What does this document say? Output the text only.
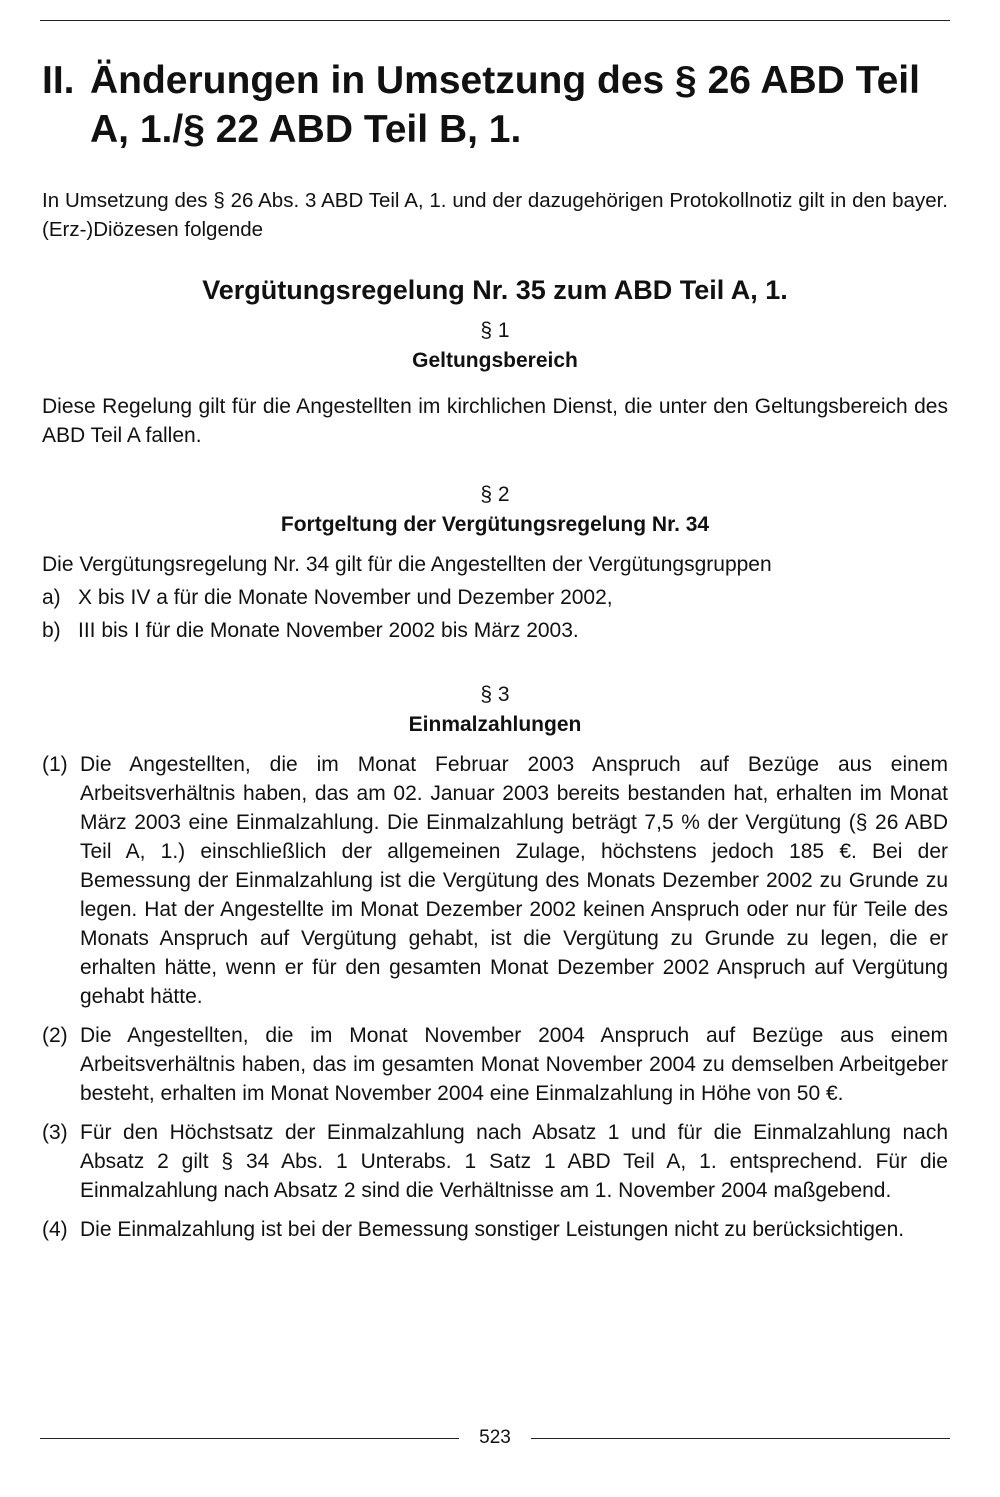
II. Änderungen in Umsetzung des § 26 ABD Teil A, 1./§ 22 ABD Teil B, 1.

In Umsetzung des § 26 Abs. 3 ABD Teil A, 1. und der dazugehörigen Protokollnotiz gilt in den bayer. (Erz-)Diözesen folgende

Vergütungsregelung Nr. 35 zum ABD Teil A, 1.

§ 1

Geltungsbereich

Diese Regelung gilt für die Angestellten im kirchlichen Dienst, die unter den Geltungsbereich des ABD Teil A fallen.

§ 2

Fortgeltung der Vergütungsregelung Nr. 34

Die Vergütungsregelung Nr. 34 gilt für die Angestellten der Vergütungsgruppen

a) X bis IV a für die Monate November und Dezember 2002,
b) III bis I für die Monate November 2002 bis März 2003.

§ 3

Einmalzahlungen

(1) Die Angestellten, die im Monat Februar 2003 Anspruch auf Bezüge aus einem Arbeitsverhältnis haben, das am 02. Januar 2003 bereits bestanden hat, erhalten im Monat März 2003 eine Einmalzahlung. Die Einmalzahlung beträgt 7,5 % der Vergütung (§ 26 ABD Teil A, 1.) einschließlich der allgemeinen Zulage, höchstens jedoch 185 €. Bei der Bemessung der Einmalzahlung ist die Vergütung des Monats Dezember 2002 zu Grunde zu legen. Hat der Angestellte im Monat Dezember 2002 keinen Anspruch oder nur für Teile des Monats Anspruch auf Vergütung gehabt, ist die Vergütung zu Grunde zu legen, die er erhalten hätte, wenn er für den gesamten Monat Dezember 2002 Anspruch auf Vergütung gehabt hätte.
(2) Die Angestellten, die im Monat November 2004 Anspruch auf Bezüge aus einem Arbeitsverhältnis haben, das im gesamten Monat November 2004 zu demselben Arbeitgeber besteht, erhalten im Monat November 2004 eine Einmalzahlung in Höhe von 50 €.
(3) Für den Höchstsatz der Einmalzahlung nach Absatz 1 und für die Einmalzahlung nach Absatz 2 gilt § 34 Abs. 1 Unterabs. 1 Satz 1 ABD Teil A, 1. entsprechend. Für die Einmalzahlung nach Absatz 2 sind die Verhältnisse am 1. November 2004 maßgebend.
(4) Die Einmalzahlung ist bei der Bemessung sonstiger Leistungen nicht zu berücksichtigen.
523
